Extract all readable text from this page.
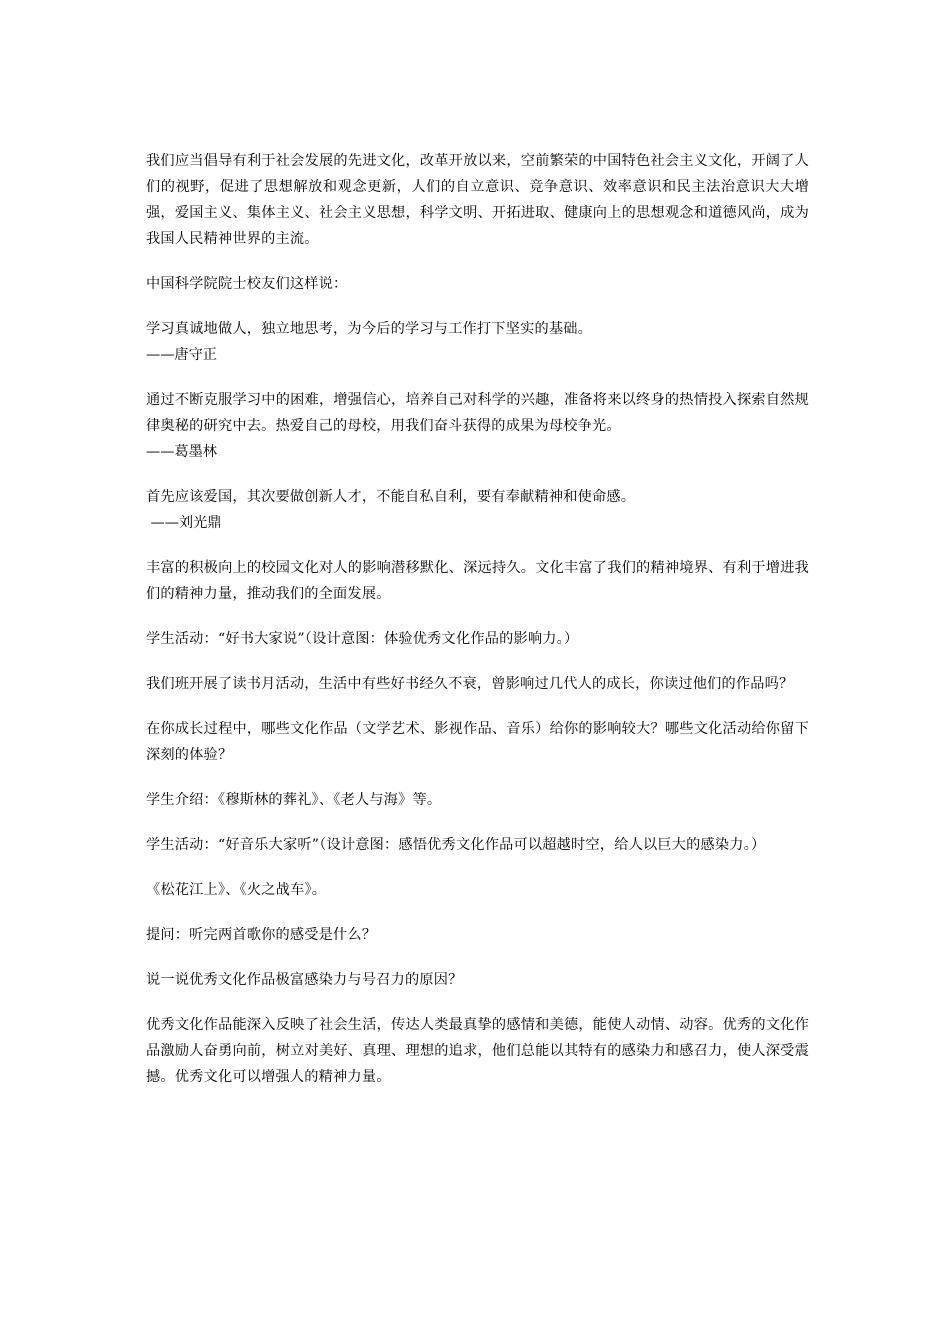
我们应当倡导有利于社会发展的先进文化，改革开放以来，空前繁荣的中国特色社会主义文化，开阔了人们的视野，促进了思想解放和观念更新，人们的自立意识、竞争意识、效率意识和民主法治意识大大增强，爱国主义、集体主义、社会主义思想，科学文明、开拓进取、健康向上的思想观念和道德风尚，成为我国人民精神世界的主流。

中国科学院院士校友们这样说：

学习真诚地做人，独立地思考，为今后的学习与工作打下坚实的基础。

——唐守正

通过不断克服学习中的困难，增强信心，培养自己对科学的兴趣，准备将来以终身的热情投入探索自然规律奥秘的研究中去。热爱自己的母校，用我们奋斗获得的成果为母校争光。

——葛墨林

首先应该爱国，其次要做创新人才，不能自私自利，要有奉献精神和使命感。

——刘光鼎

丰富的积极向上的校园文化对人的影响潜移默化、深远持久。文化丰富了我们的精神境界、有利于增进我们的精神力量，推动我们的全面发展。

学生活动：“好书大家说”（设计意图：体验优秀文化作品的影响力。）

我们班开展了读书月活动，生活中有些好书经久不衰，曾影响过几代人的成长，你读过他们的作品吗？

在你成长过程中，哪些文化作品（文学艺术、影视作品、音乐）给你的影响较大？哪些文化活动给你留下深刻的体验？

学生介绍：《穆斯林的葬礼》、《老人与海》等。

学生活动：“好音乐大家听”（设计意图：感悟优秀文化作品可以超越时空，给人以巨大的感染力。）

《松花江上》、《火之战车》。

提问：听完两首歌你的感受是什么？

说一说优秀文化作品极富感染力与号召力的原因？

优秀文化作品能深入反映了社会生活，传达人类最真挚的感情和美德，能使人动情、动容。优秀的文化作品激励人奋勇向前，树立对美好、真理、理想的追求，他们总能以其特有的感染力和感召力，使人深受震撼。优秀文化可以增强人的精神力量。
